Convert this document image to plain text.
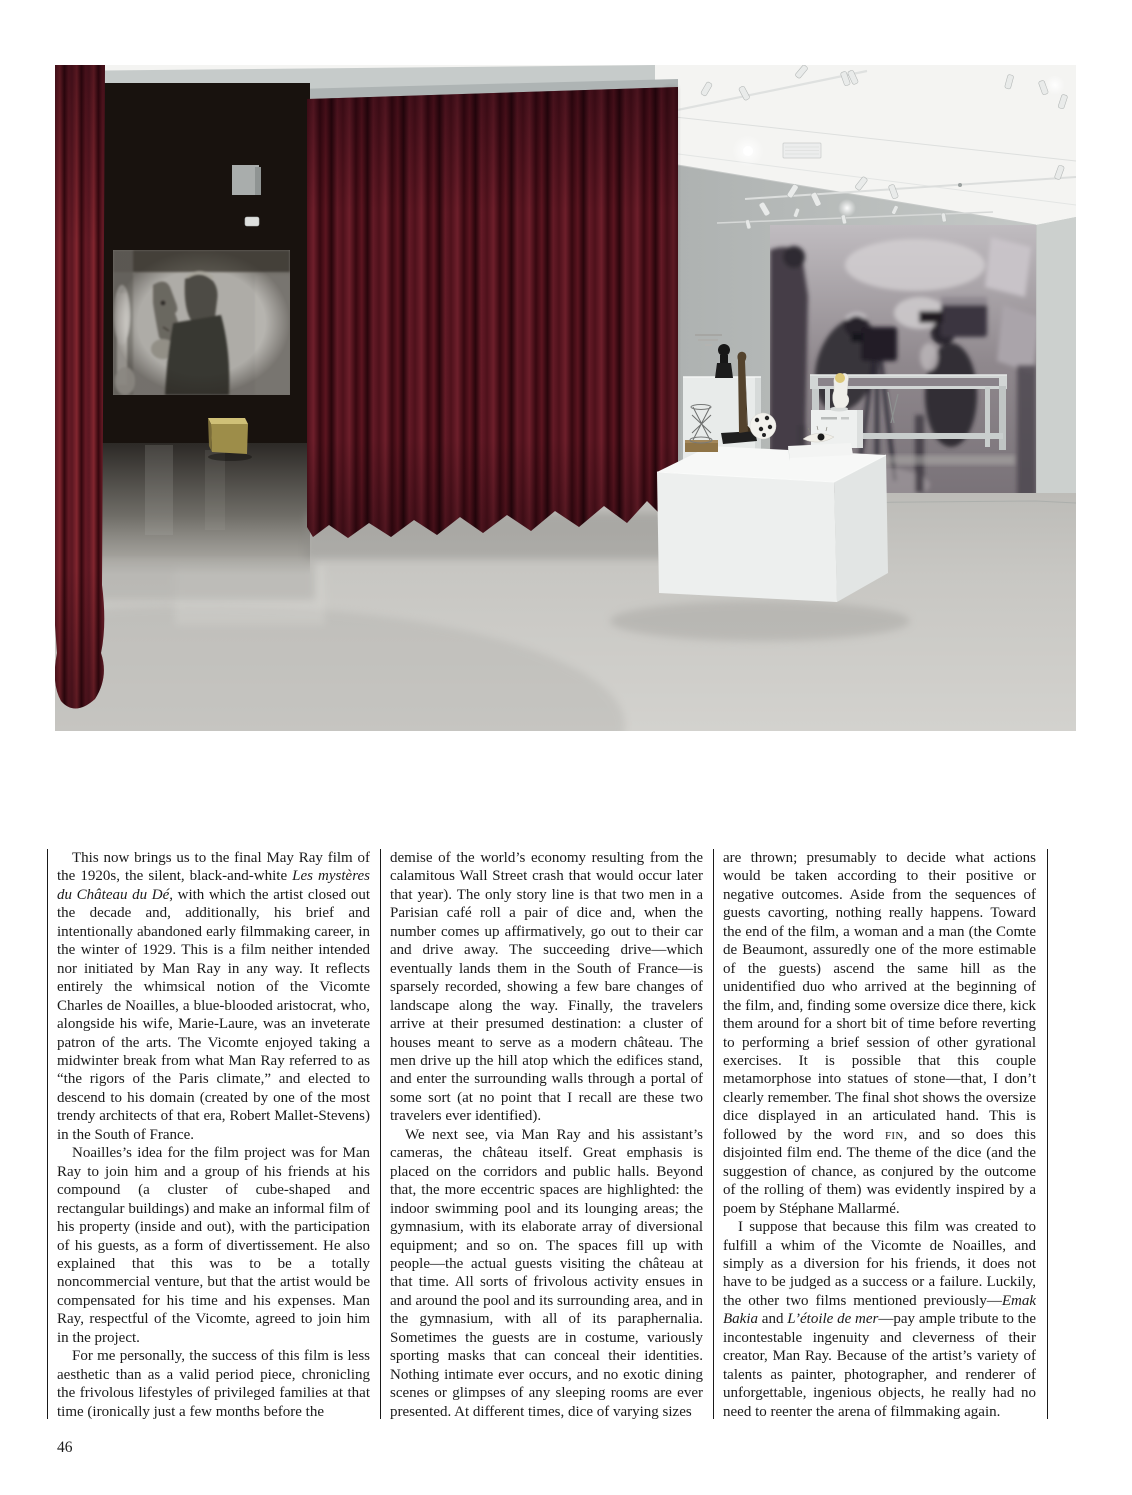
This now brings us to the final May Ray film of the 1920s, the silent, black-and-white Les mystères du Château du Dé, with which the artist closed out the decade and, additionally, his brief and intentionally abandoned early filmmaking career, in the winter of 1929. This is a film neither intended nor initiated by Man Ray in any way. It reflects entirely the whimsical notion of the Vicomte Charles de Noailles, a blue-blooded aristocrat, who, alongside his wife, Marie-Laure, was an inveterate patron of the arts. The Vicomte enjoyed taking a midwinter break from what Man Ray referred to as “the rigors of the Paris climate,” and elected to descend to his domain (created by one of the most trendy architects of that era, Robert Mallet-Stevens) in the South of France.

Noailles’s idea for the film project was for Man Ray to join him and a group of his friends at his compound (a cluster of cube-shaped and rectangular buildings) and make an informal film of his property (inside and out), with the participation of his guests, as a form of divertissement. He also explained that this was to be a totally noncommercial venture, but that the artist would be compensated for his time and his expenses. Man Ray, respectful of the Vicomte, agreed to join him in the project.

For me personally, the success of this film is less aesthetic than as a valid period piece, chronicling the frivolous lifestyles of privileged families at that time (ironically just a few months before the

demise of the world’s economy resulting from the calamitous Wall Street crash that would occur later that year). The only story line is that two men in a Parisian café roll a pair of dice and, when the number comes up affirmatively, go out to their car and drive away. The succeeding drive—which eventually lands them in the South of France—is sparsely recorded, showing a few bare changes of landscape along the way. Finally, the travelers arrive at their presumed destination: a cluster of houses meant to serve as a modern château. The men drive up the hill atop which the edifices stand, and enter the surrounding walls through a portal of some sort (at no point that I recall are these two travelers ever identified).

We next see, via Man Ray and his assistant’s cameras, the château itself. Great emphasis is placed on the corridors and public halls. Beyond that, the more eccentric spaces are highlighted: the indoor swimming pool and its lounging areas; the gymnasium, with its elaborate array of diversional equipment; and so on. The spaces fill up with people—the actual guests visiting the château at that time. All sorts of frivolous activity ensues in and around the pool and its surrounding area, and in the gymnasium, with all of its paraphernalia. Sometimes the guests are in costume, variously sporting masks that can conceal their identities. Nothing intimate ever occurs, and no exotic dining scenes or glimpses of any sleeping rooms are ever presented. At different times, dice of varying sizes

are thrown; presumably to decide what actions would be taken according to their positive or negative outcomes. Aside from the sequences of guests cavorting, nothing really happens. Toward the end of the film, a woman and a man (the Comte de Beaumont, assuredly one of the more estimable of the guests) ascend the same hill as the unidentified duo who arrived at the beginning of the film, and, finding some oversize dice there, kick them around for a short bit of time before reverting to performing a brief session of other gyrational exercises. It is possible that this couple metamorphose into statues of stone—that, I don’t clearly remember. The final shot shows the oversize dice displayed in an articulated hand. This is followed by the word fin, and so does this disjointed film end. The theme of the dice (and the suggestion of chance, as conjured by the outcome of the rolling of them) was evidently inspired by a poem by Stéphane Mallarmé.

I suppose that because this film was created to fulfill a whim of the Vicomte de Noailles, and simply as a diversion for his friends, it does not have to be judged as a success or a failure. Luckily, the other two films mentioned previously—Emak Bakia and L’étoile de mer—pay ample tribute to the incontestable ingenuity and cleverness of their creator, Man Ray. Because of the artist’s variety of talents as painter, photographer, and renderer of unforgettable, ingenious objects, he really had no need to reenter the arena of filmmaking again.

46
